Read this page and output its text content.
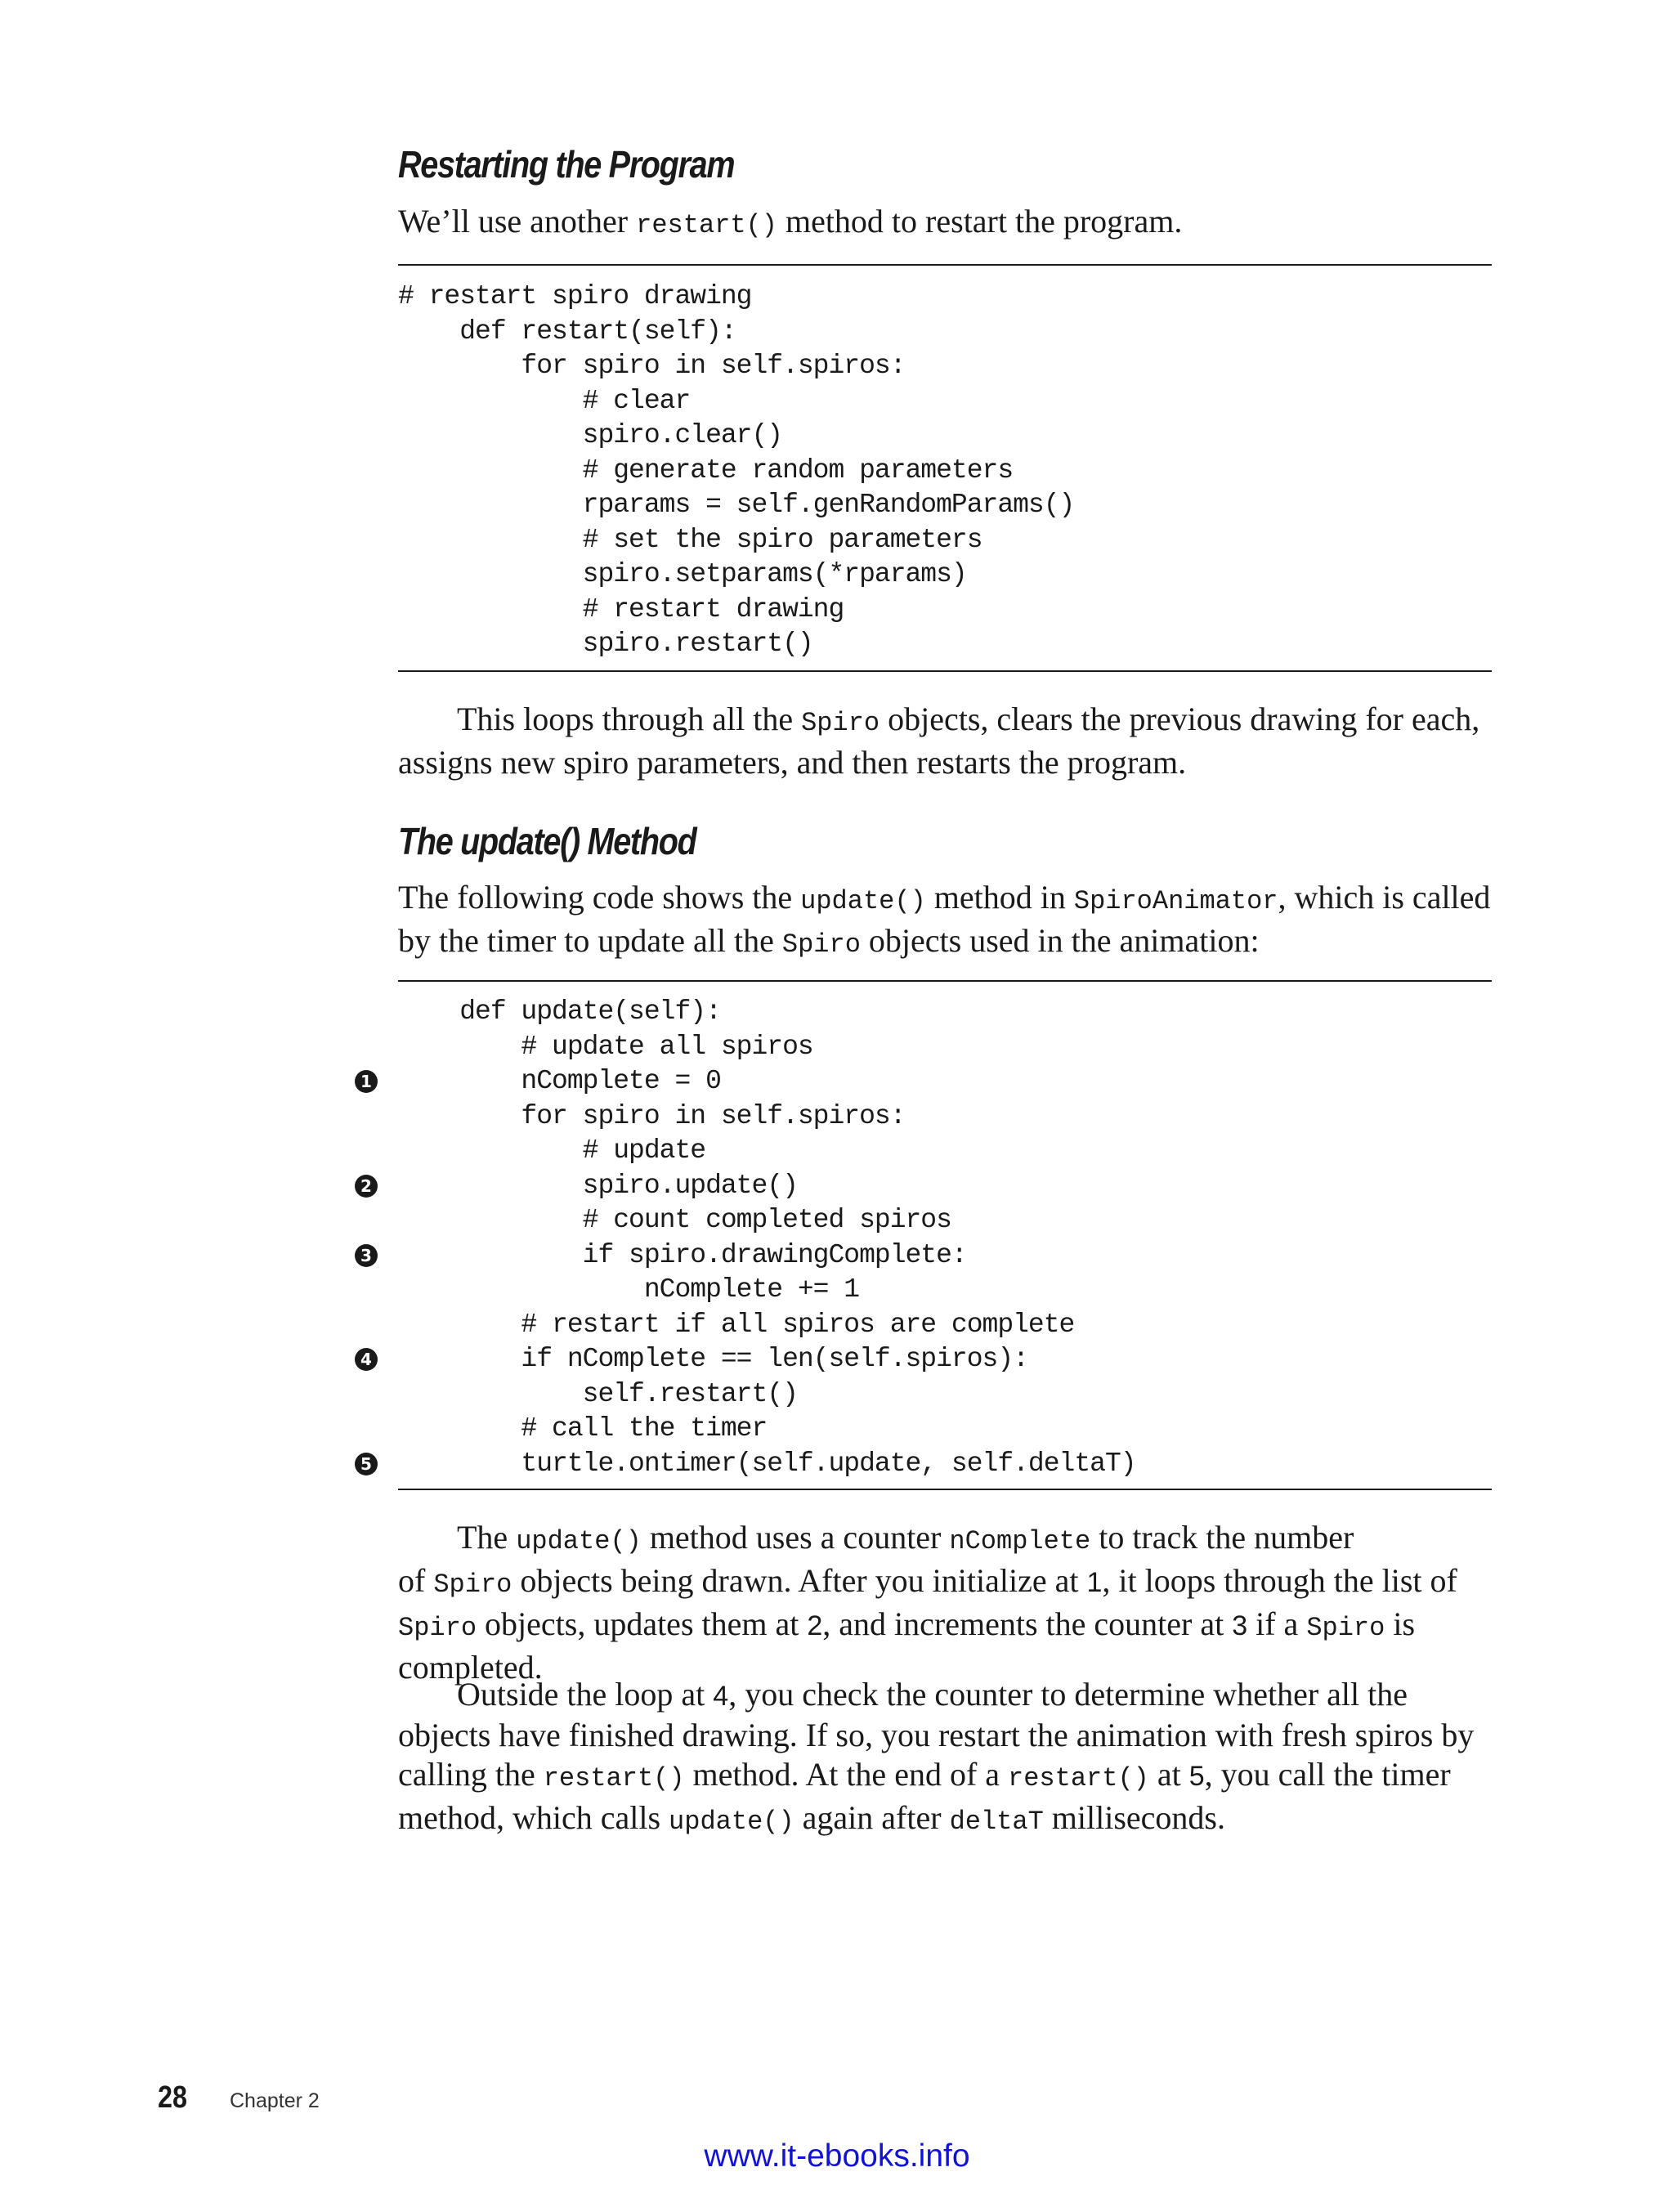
Restarting the Program

We’ll use another restart() method to restart the program.

# restart spiro drawing
def restart(self):
for spiro in self.spiros:
# clear
spiro.clear()
# generate random parameters
rparams = self.genRandomParams()
# set the spiro parameters
spiro.setparams(*rparams)
# restart drawing
spiro.restart()

This loops through all the Spiro objects, clears the previous drawing for each, assigns new spiro parameters, and then restarts the program.

The update() Method

The following code shows the update() method in SpiroAnimator, which is called by the timer to update all the Spiro objects used in the animation:

def update(self):
# update all spiros
nComplete = 0
for spiro in self.spiros:
# update
spiro.update()
# count completed spiros
if spiro.drawingComplete:
nComplete += 1
# restart if all spiros are complete
if nComplete == len(self.spiros):
self.restart()
# call the timer
turtle.ontimer(self.update, self.deltaT)
1
2
3
4
5

The update() method uses a counter nComplete to track the number
of Spiro objects being drawn. After you initialize at 1, it loops through the list of Spiro objects, updates them at 2, and increments the counter at 3 if a Spiro is completed.

Outside the loop at 4, you check the counter to determine whether all the objects have finished drawing. If so, you restart the animation with fresh spiros by calling the restart() method. At the end of a restart() at 5, you call the timer method, which calls update() again after deltaT milliseconds.

28 Chapter 2
www.it-ebooks.info
